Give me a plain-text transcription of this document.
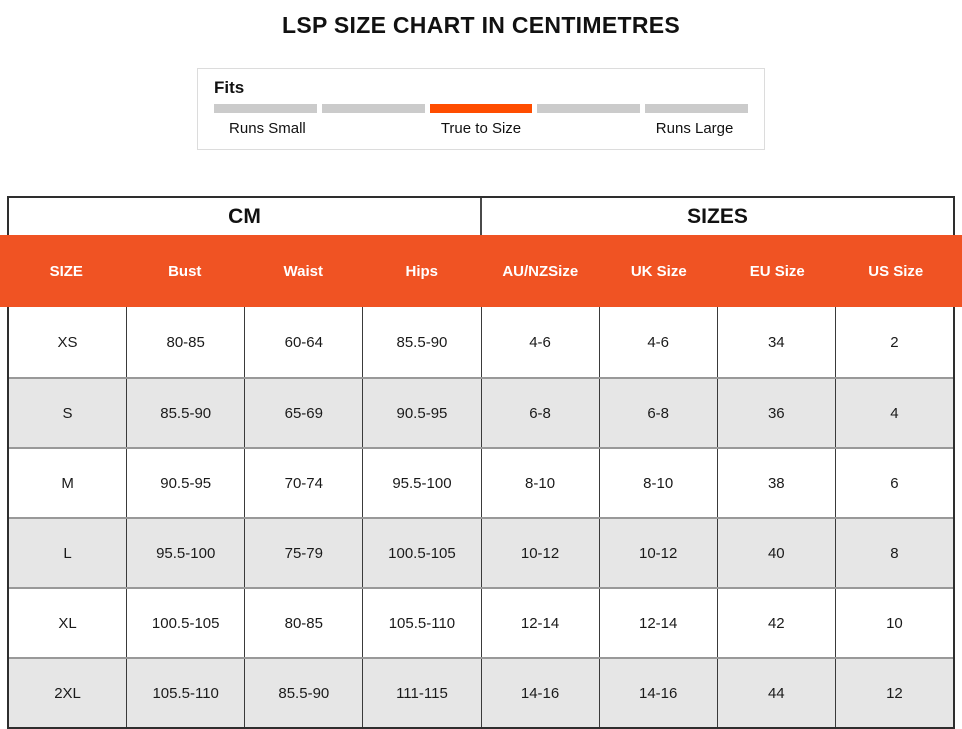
LSP SIZE CHART IN CENTIMETRES
Fits
Runs Small	True to Size	Runs Large
CM	SIZES
SIZE	Bust	Waist	Hips	AU/NZSize	UK Size	EU Size	US Size
XS	80-85	60-64	85.5-90	4-6	4-6	34	2
S	85.5-90	65-69	90.5-95	6-8	6-8	36	4
M	90.5-95	70-74	95.5-100	8-10	8-10	38	6
L	95.5-100	75-79	100.5-105	10-12	10-12	40	8
XL	100.5-105	80-85	105.5-110	12-14	12-14	42	10
2XL	105.5-110	85.5-90	111-115	14-16	14-16	44	12
